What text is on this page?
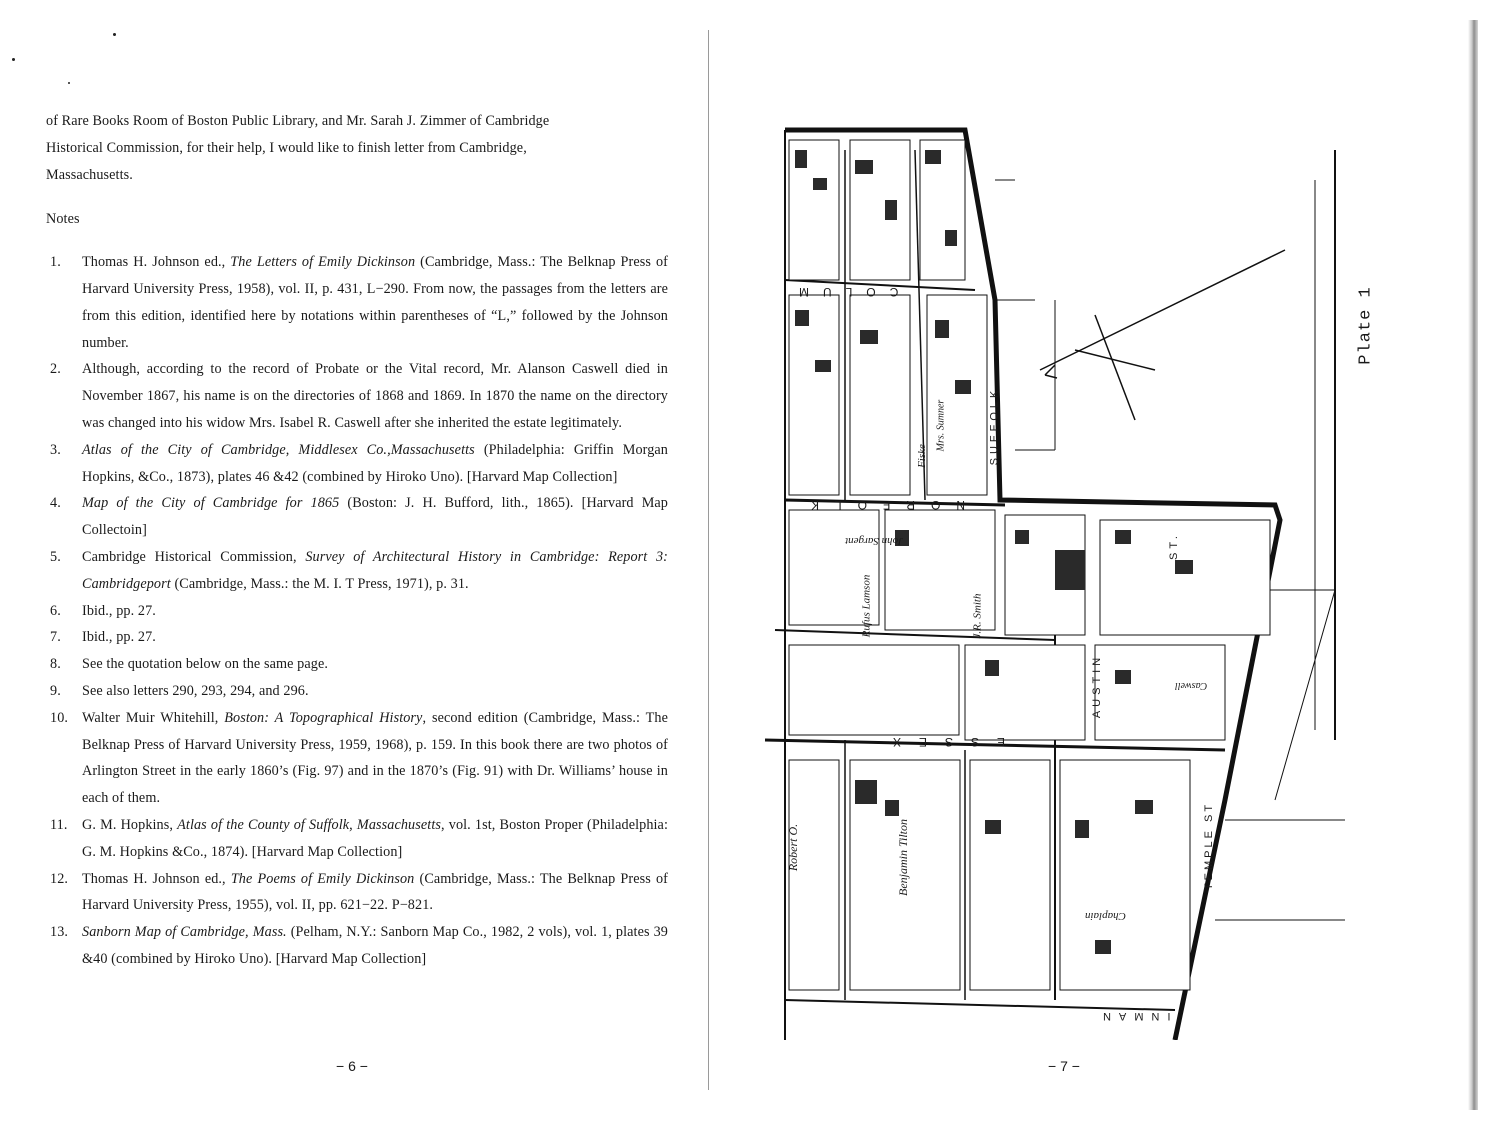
of Rare Books Room of Boston Public Library, and Mr. Sarah J. Zimmer of Cambridge
Historical Commission, for their help, I would like to finish letter from Cambridge,
Massachusetts.
Notes
1.	Thomas H. Johnson ed., The Letters of Emily Dickinson (Cambridge, Mass.: The Belknap Press of Harvard University Press, 1958), vol. II, p. 431, L−290. From now, the passages from the letters are from this edition, identified here by notations within parentheses of “L,” followed by the Johnson number.
2.	Although, according to the record of Probate or the Vital record, Mr. Alanson Caswell died in November 1867, his name is on the directories of 1868 and 1869. In 1870 the name on the directory was changed into his widow Mrs. Isabel R. Caswell after she inherited the estate legitimately.
3.	Atlas of the City of Cambridge, Middlesex Co.,Massachusetts (Philadelphia: Griffin Morgan Hopkins, &Co., 1873), plates 46 &42 (combined by Hiroko Uno). [Harvard Map Collection]
4.	Map of the City of Cambridge for 1865 (Boston: J. H. Bufford, lith., 1865). [Harvard Map Collectoin]
5.	Cambridge Historical Commission, Survey of Architectural History in Cambridge: Report 3: Cambridgeport (Cambridge, Mass.: the M. I. T Press, 1971), p. 31.
6.	Ibid., pp. 27.
7.	Ibid., pp. 27.
8.	See the quotation below on the same page.
9.	See also letters 290, 293, 294, and 296.
10. Walter Muir Whitehill, Boston: A Topographical History, second edition (Cambridge, Mass.: The Belknap Press of Harvard University Press, 1959, 1968), p. 159. In this book there are two photos of Arlington Street in the early 1860’s (Fig. 97) and in the 1870’s (Fig. 91) with Dr. Williams’ house in each of them.
11.	G. M. Hopkins, Atlas of the County of Suffolk, Massachusetts, vol. 1st, Boston Proper (Philadelphia: G. M. Hopkins &Co., 1874). [Harvard Map Collection]
12. Thomas H. Johnson ed., The Poems of Emily Dickinson (Cambridge, Mass.: The Belknap Press of Harvard University Press, 1955), vol. II, pp. 621−22. P−821.
13. Sanborn Map of Cambridge, Mass. (Pelham, N.Y.: Sanborn Map Co., 1982, 2 vols), vol. 1, plates 39 &40 (combined by Hiroko Uno). [Harvard Map Collection]
− 6 −
COLUM
NORFOLK
ESSEX
SUFFOLK
AUSTIN
TEMPLE ST
INMAN
ST.
Robert O.	Benjamin Tilton
Rufus Lamson
Fiske
J.R. Smith
Mrs. Sumner
John Sargent
Chaplain
Caswell
Plate 1
− 7 −
